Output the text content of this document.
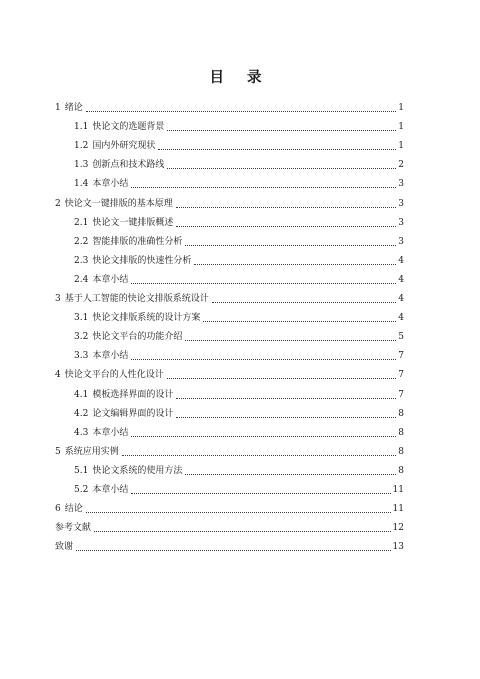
目 录
1 绪论	1
1.1 快论文的选题背景	1
1.2 国内外研究现状	1
1.3 创新点和技术路线	2
1.4 本章小结	3
2 快论文一键排版的基本原理	3
2.1 快论文一键排版概述	3
2.2 智能排版的准确性分析	3
2.3 快论文排版的快速性分析	4
2.4 本章小结	4
3 基于人工智能的快论文排版系统设计	4
3.1 快论文排版系统的设计方案	4
3.2 快论文平台的功能介绍	5
3.3 本章小结	7
4 快论文平台的人性化设计	7
4.1 模板选择界面的设计	7
4.2 论文编辑界面的设计	8
4.3 本章小结	8
5 系统应用实例	8
5.1 快论文系统的使用方法	8
5.2 本章小结	11
6 结论	11
参考文献	12
致谢	13
